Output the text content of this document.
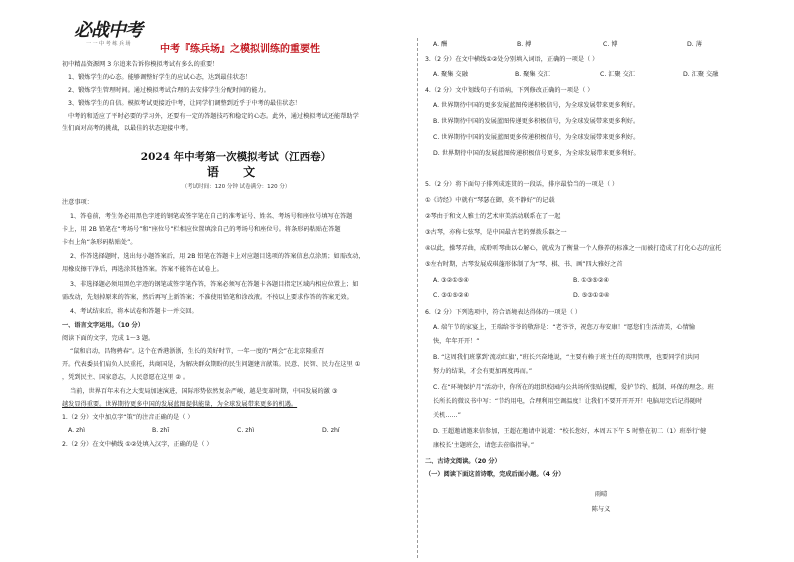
必战中考
一 一 中 考 练 兵 场	中考『练兵场』之模拟训练的重要性
初中精品资源网 3 尔追来告诉你模拟考试有多么的重要！
1、锻炼学生的心态。能够调整好学生的应试心态，达到最佳状态！
2、锻炼学生管理时间。通过模拟考试合理的去安排学生分配时间的能力。
3、锻炼学生的自信。模拟考试更接近中考，让同学们调整到近乎于中考的最佳状态！
中考的和适应了平时必要的学习外，还要有一定的答题技巧和稳定的心态。此外，通过模拟考试还能帮助学
生们面对高考的挑战，以最佳的状态迎接中考。
2024 年中考第一次模拟考试（江西卷）
语 文
（考试时间：120 分钟 试卷满分：120 分）
注意事项：
1、答卷前，考生务必用黑色字迹的钢笔或签字笔在自己的准考证号、姓名、考场号和座位号填写在答题
卡上，用 2B 铅笔在“考场号”和“座位号”栏相应位置填涂自己的考场号和座位号。将条形码粘贴在答题
卡右上角“条形码粘贴处”。
2、作答选择题时，选出每小题答案后，用 2B 铅笔在答题卡上对应题目选项的答案信息点涂黑；如需改动，
用橡皮擦干净后，再选涂其他答案。答案不能答在试卷上。
3、非选择题必须用黑色字迹的钢笔或签字笔作答，答案必须写在答题卡各题目指定区域内相应位置上；如
需改动，先划掉原来的答案，然后再写上新答案；不准使用铅笔和涂改液。不按以上要求作答的答案无效。
4、考试结束后，将本试卷和答题卡一并交回。
一、语言文字运用。（10 分）
阅读下面的文字，完成 1～3 题。
“鼠和启动，昌物骋春”。这个在香港浙浙，生长的美好时节，一年一度的“两会”在北京隆重召
开。代表委员们肩负人民重托，共商国是，为解决群众期盼的民生问题建言献策。民意、民智、民力在这里 ①
，凭到民主、国家意志，人民意愿在这里 ② 。
当前，世界百年未有之大变局加速演进，国际形势依然复杂严峻，越是变革时期，中国发展的激 ③
越发显得重要。世界期待更多中国的发展蓝图提供能量，为全球发展带来更多的机遇。
1.（2 分）文中加点字“策”的注音正确的是（ ）
A. zhì	B. zhī	C. zhì	D. zhí
2.（2 分）在文中横线 ①②处填入汉字，正确的是（ ）
A. 酬	B. 搏	C. 博	D. 薄
3.（2 分）在文中横线①②处分别填入词语，正确的一项是（ ）
A. 聚集 交融	B. 聚集 交汇	C. 汇聚 交汇	D. 汇聚 交融
4.（2 分）文中划线句子有语病，下列修改正确的一项是（ ）
A. 世界期待中国的更多发展蓝图传递积极信号，为全球发展带来更多利好。
B. 世界期待中国的发展蓝图传递更多积极信号，为全球发展带来更多利好。
C. 世界期待中国的发展蓝图更多传递积极信号，为全球发展带来更多利好。
D. 世界期待中国的发展蓝图传递积极信号更多，为全球发展带来更多利好。
5.（2 分）将下面句子排列成连贯的一段话，排序最恰当的一项是（ ）
①《诗经》中就有“琴瑟在御，莫不静好”的记载
②琴由于和文人雅士的艺术审美活动联系在了一起
③古琴，亦称七弦琴，是中国最古老的弹拨乐器之一
④以此，操琴弄曲，成聆听琴曲以心解心，就成为了衡量一个人修养的标准之一而被打造成了打化心志的宣托
⑤左右时期，古琴发展成琪蓬形体制了为“琴、棋、书、画”四大雅好之首
A. ③②①⑤④	B. ①③⑤②④
C. ③①⑤②④	D. ⑤③①②④
6.（2 分）下列选项中，符合语境表达得体的一项是（ ）
A. 端午节的家宴上，王瑞给爷爷的敬辞是：“老爷爷，祝您万寿安康！”愿您们生活清美，心情愉
快，年年开开！”
B. “这周我们班掌到‘流动红旗’，”班长兴奋地说，“主要有赖于班主任的英明管理，也要同学们共同
努力的结果，才会有更加再度再而。”
C. 在“环境保护月”活动中，你所在的组织校园内公共场所张贴提醒，爱护节约、抵制、环保的理念。班
长所长的微议书中写：“节约用电，合理利用空调温度！让我们不要开开开开！电脑用完后记得随时
关机……”
D. 王超邀请邀来信参加，王超在邀请中说道：“校长您好，本周五下午 5 时整在初二（1）班举行‘健
康校长’主题班会，请您去莅临指导。”
二、古诗文阅读。（20 分）
（一）阅读下面这首诗歌，完成后面小题。（4 分）
雨晴
陈与义
